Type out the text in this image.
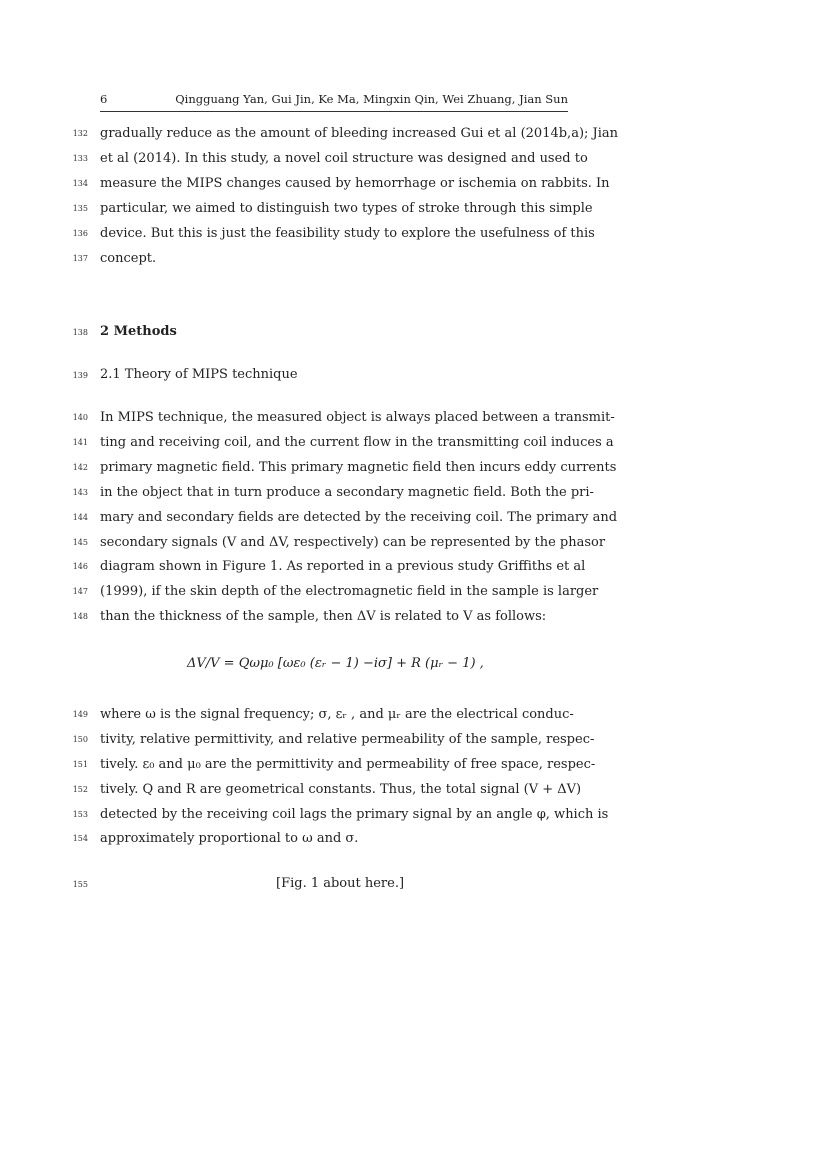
6	Qingguang Yan, Gui Jin, Ke Ma, Mingxin Qin, Wei Zhuang, Jian Sun
132 gradually reduce as the amount of bleeding increased Gui et al (2014b,a); Jian
133 et al (2014). In this study, a novel coil structure was designed and used to
134 measure the MIPS changes caused by hemorrhage or ischemia on rabbits. In
135 particular, we aimed to distinguish two types of stroke through this simple
136 device. But this is just the feasibility study to explore the usefulness of this
137 concept.
138 2 Methods
139 2.1 Theory of MIPS technique
140 In MIPS technique, the measured object is always placed between a transmit-
141 ting and receiving coil, and the current flow in the transmitting coil induces a
142 primary magnetic field. This primary magnetic field then incurs eddy currents
143 in the object that in turn produce a secondary magnetic field. Both the pri-
144 mary and secondary fields are detected by the receiving coil. The primary and
145 secondary signals (V and ΔV, respectively) can be represented by the phasor
146 diagram shown in Figure 1. As reported in a previous study Griffiths et al
147 (1999), if the skin depth of the electromagnetic field in the sample is larger
148 than the thickness of the sample, then ΔV is related to V as follows:
ΔV/V = Qωμ₀ [ωε₀ (εᵣ − 1) −iσ] + R (μᵣ − 1) ,
149 where ω is the signal frequency; σ, εᵣ , and μᵣ are the electrical conduc-
150 tivity, relative permittivity, and relative permeability of the sample, respec-
151 tively. ε₀ and μ₀ are the permittivity and permeability of free space, respec-
152 tively. Q and R are geometrical constants. Thus, the total signal (V + ΔV)
153 detected by the receiving coil lags the primary signal by an angle φ, which is
154 approximately proportional to ω and σ.
155	[Fig. 1 about here.]
